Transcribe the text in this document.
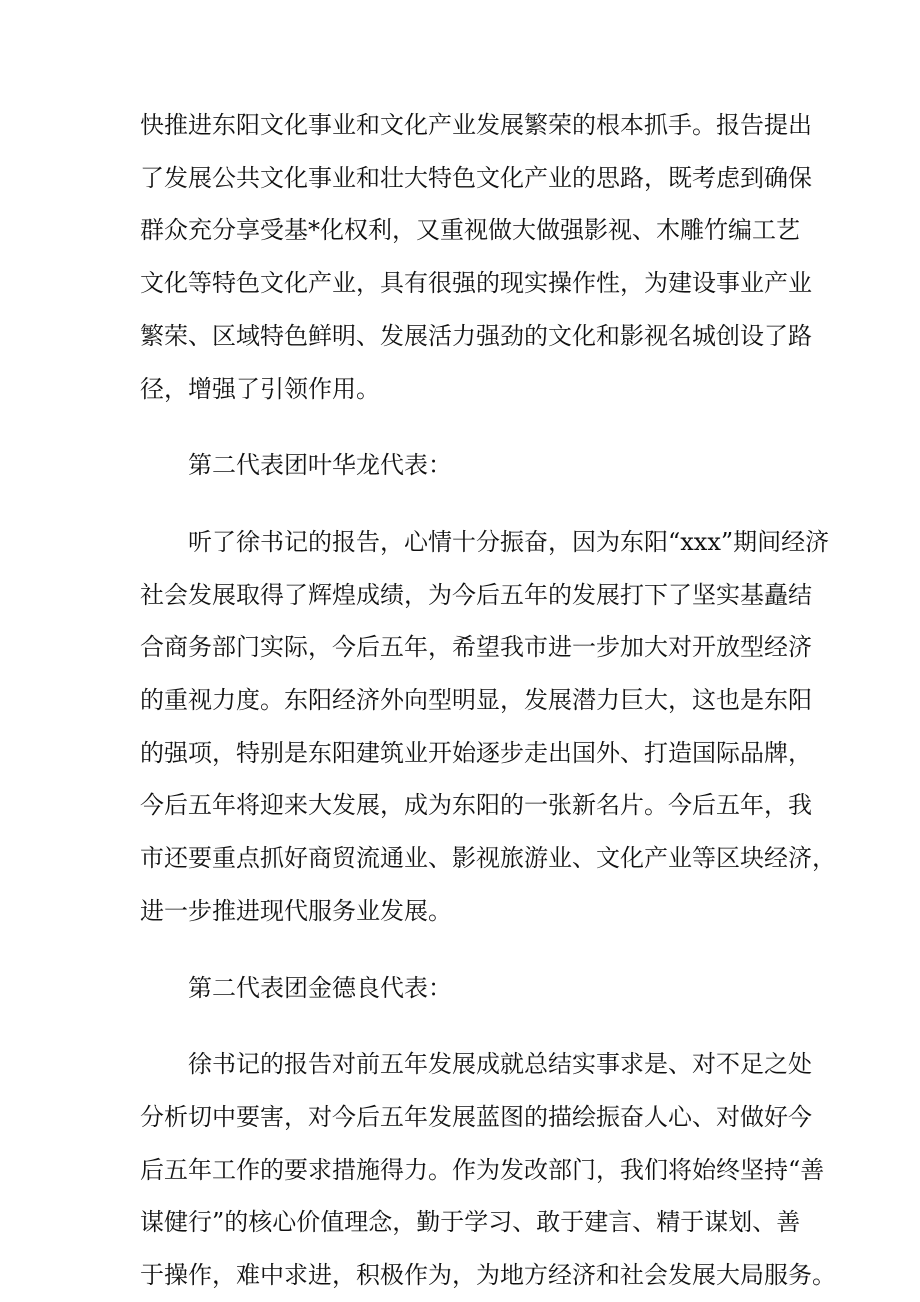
快推进东阳文化事业和文化产业发展繁荣的根本抓手。报告提出
了发展公共文化事业和壮大特色文化产业的思路，既考虑到确保
群众充分享受基*化权利，又重视做大做强影视、木雕竹编工艺
文化等特色文化产业，具有很强的现实操作性，为建设事业产业
繁荣、区域特色鲜明、发展活力强劲的文化和影视名城创设了路
径，增强了引领作用。
第二代表团叶华龙代表：
听了徐书记的报告，心情十分振奋，因为东阳“xxx”期间经济
社会发展取得了辉煌成绩，为今后五年的发展打下了坚实基矗结
合商务部门实际，今后五年，希望我市进一步加大对开放型经济
的重视力度。东阳经济外向型明显，发展潜力巨大，这也是东阳
的强项，特别是东阳建筑业开始逐步走出国外、打造国际品牌，
今后五年将迎来大发展，成为东阳的一张新名片。今后五年，我
市还要重点抓好商贸流通业、影视旅游业、文化产业等区块经济，
进一步推进现代服务业发展。
第二代表团金德良代表：
徐书记的报告对前五年发展成就总结实事求是、对不足之处
分析切中要害，对今后五年发展蓝图的描绘振奋人心、对做好今
后五年工作的要求措施得力。作为发改部门，我们将始终坚持“善
谋健行”的核心价值理念，勤于学习、敢于建言、精于谋划、善
于操作，难中求进，积极作为，为地方经济和社会发展大局服务。
